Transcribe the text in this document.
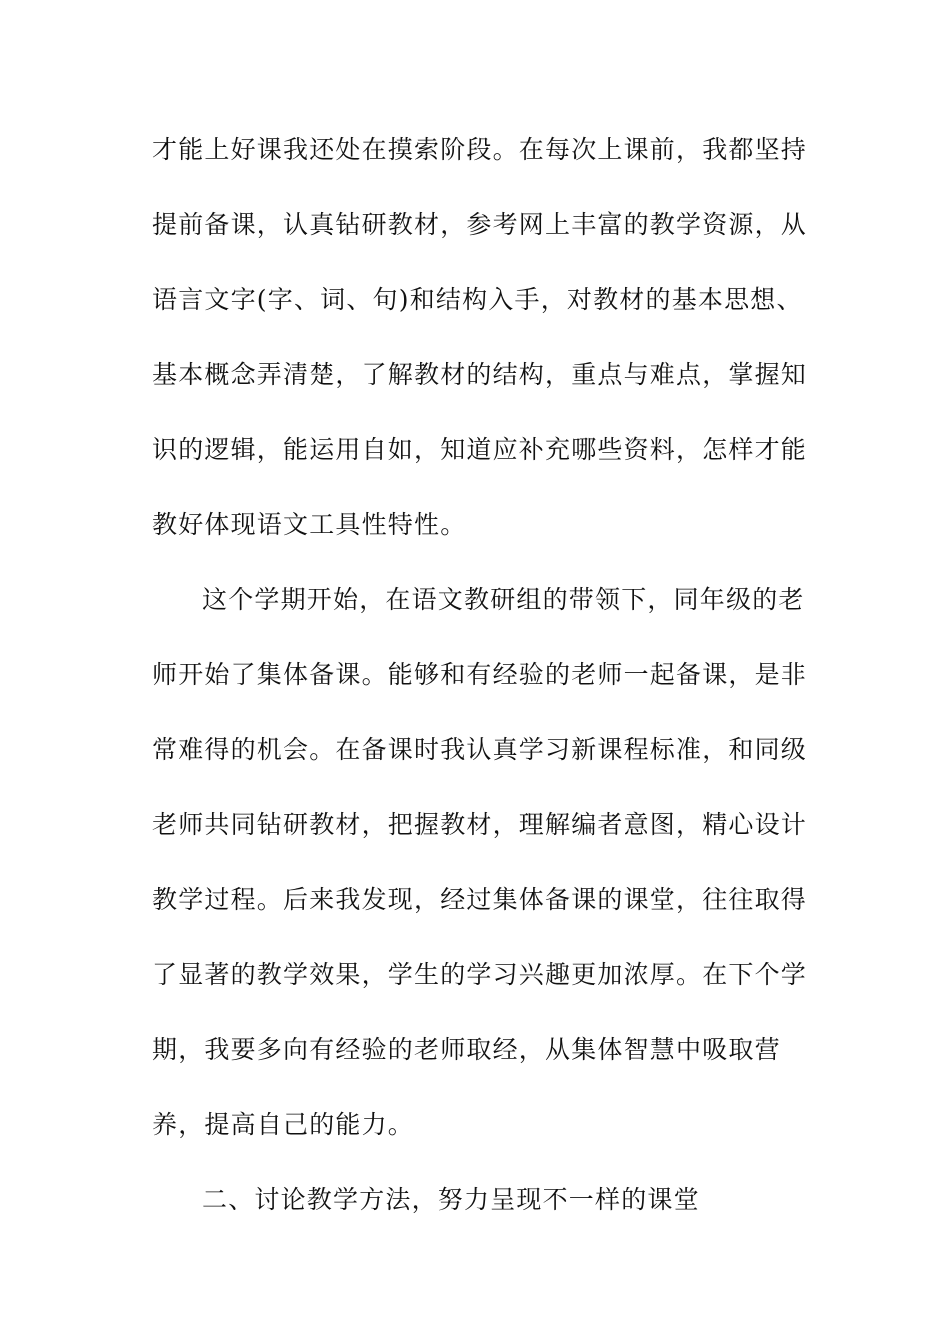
才能上好课我还处在摸索阶段。在每次上课前，我都坚持
提前备课，认真钻研教材，参考网上丰富的教学资源，从
语言文字(字、词、句)和结构入手，对教材的基本思想、
基本概念弄清楚，了解教材的结构，重点与难点，掌握知
识的逻辑，能运用自如，知道应补充哪些资料，怎样才能
教好体现语文工具性特性。
这个学期开始，在语文教研组的带领下，同年级的老
师开始了集体备课。能够和有经验的老师一起备课，是非
常难得的机会。在备课时我认真学习新课程标准，和同级
老师共同钻研教材，把握教材，理解编者意图，精心设计
教学过程。后来我发现，经过集体备课的课堂，往往取得
了显著的教学效果，学生的学习兴趣更加浓厚。在下个学
期，我要多向有经验的老师取经，从集体智慧中吸取营
养，提高自己的能力。
二、讨论教学方法，努力呈现不一样的课堂
